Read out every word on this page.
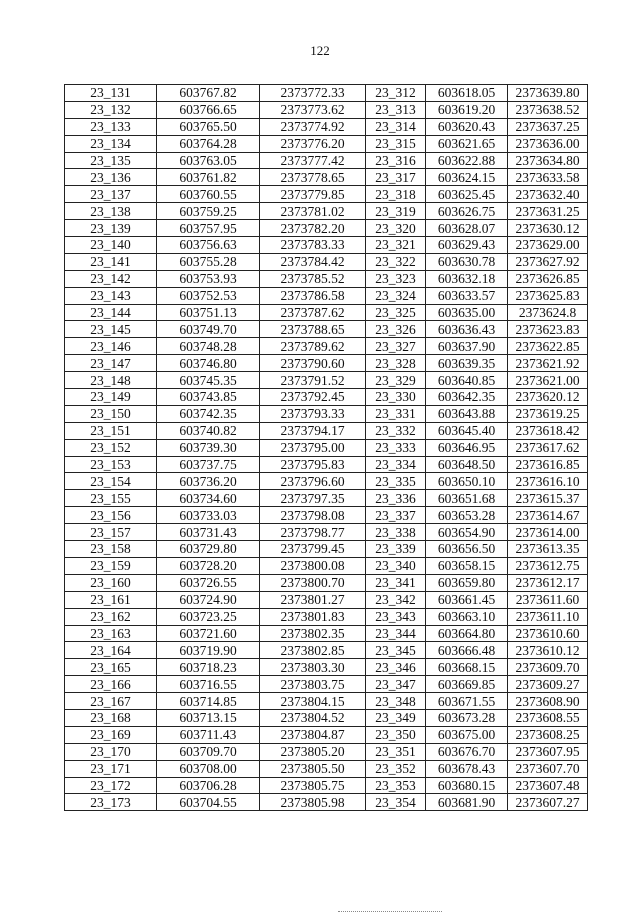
122
23_131	603767.82	2373772.33	23_312	603618.05	2373639.80
23_132	603766.65	2373773.62	23_313	603619.20	2373638.52
23_133	603765.50	2373774.92	23_314	603620.43	2373637.25
23_134	603764.28	2373776.20	23_315	603621.65	2373636.00
23_135	603763.05	2373777.42	23_316	603622.88	2373634.80
23_136	603761.82	2373778.65	23_317	603624.15	2373633.58
23_137	603760.55	2373779.85	23_318	603625.45	2373632.40
23_138	603759.25	2373781.02	23_319	603626.75	2373631.25
23_139	603757.95	2373782.20	23_320	603628.07	2373630.12
23_140	603756.63	2373783.33	23_321	603629.43	2373629.00
23_141	603755.28	2373784.42	23_322	603630.78	2373627.92
23_142	603753.93	2373785.52	23_323	603632.18	2373626.85
23_143	603752.53	2373786.58	23_324	603633.57	2373625.83
23_144	603751.13	2373787.62	23_325	603635.00	2373624.8
23_145	603749.70	2373788.65	23_326	603636.43	2373623.83
23_146	603748.28	2373789.62	23_327	603637.90	2373622.85
23_147	603746.80	2373790.60	23_328	603639.35	2373621.92
23_148	603745.35	2373791.52	23_329	603640.85	2373621.00
23_149	603743.85	2373792.45	23_330	603642.35	2373620.12
23_150	603742.35	2373793.33	23_331	603643.88	2373619.25
23_151	603740.82	2373794.17	23_332	603645.40	2373618.42
23_152	603739.30	2373795.00	23_333	603646.95	2373617.62
23_153	603737.75	2373795.83	23_334	603648.50	2373616.85
23_154	603736.20	2373796.60	23_335	603650.10	2373616.10
23_155	603734.60	2373797.35	23_336	603651.68	2373615.37
23_156	603733.03	2373798.08	23_337	603653.28	2373614.67
23_157	603731.43	2373798.77	23_338	603654.90	2373614.00
23_158	603729.80	2373799.45	23_339	603656.50	2373613.35
23_159	603728.20	2373800.08	23_340	603658.15	2373612.75
23_160	603726.55	2373800.70	23_341	603659.80	2373612.17
23_161	603724.90	2373801.27	23_342	603661.45	2373611.60
23_162	603723.25	2373801.83	23_343	603663.10	2373611.10
23_163	603721.60	2373802.35	23_344	603664.80	2373610.60
23_164	603719.90	2373802.85	23_345	603666.48	2373610.12
23_165	603718.23	2373803.30	23_346	603668.15	2373609.70
23_166	603716.55	2373803.75	23_347	603669.85	2373609.27
23_167	603714.85	2373804.15	23_348	603671.55	2373608.90
23_168	603713.15	2373804.52	23_349	603673.28	2373608.55
23_169	603711.43	2373804.87	23_350	603675.00	2373608.25
23_170	603709.70	2373805.20	23_351	603676.70	2373607.95
23_171	603708.00	2373805.50	23_352	603678.43	2373607.70
23_172	603706.28	2373805.75	23_353	603680.15	2373607.48
23_173	603704.55	2373805.98	23_354	603681.90	2373607.27
